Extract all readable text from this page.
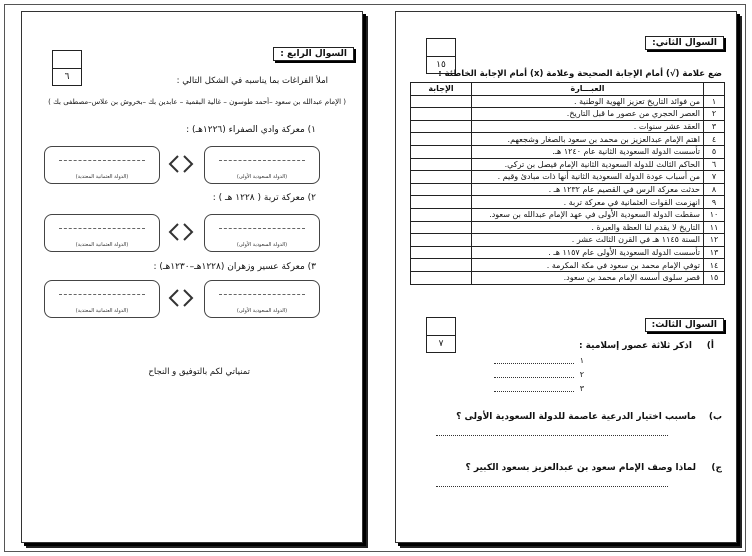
السوال الثاني:
١٥
ضع علامة (√) أمام الإجابة الصحيحة وعلامة (x) أمام الإجابة الخاطئة :
	العبـــارة	الإجابة
١	من فوائد التاريخ تعزيز الهوية الوطنية .	
٢	العصر الحجري من عصور ما قبل التاريخ.	
٣	العقد عشر سنوات .	
٤	اهتم الإمام عبدالعزيز بن محمد بن سعود بالصغار وشجعهم.	
٥	تأسست الدولة السعودية الثانية عام ١٢٤٠ هـ.	
٦	الحاكم الثالث للدولة السعودية الثانية الإمام فيصل بن تركي.	
٧	من أسباب عودة الدولة السعودية الثانية أنها ذات مبادئ وقيم .	
٨	حدثت معركة الرس في القصيم عام ١٢٣٢ هـ .	
٩	انهزمت القوات العثمانية في معركة تربة .	
١٠	سقطت الدولة السعودية الأولى في عهد الإمام عبدالله بن سعود.	
١١	التاريخ لا يقدم لنا العظة والعبرة .	
١٢	السنة ١١٤٥ هـ في القرن الثالث عشر .	
١٣	تأسست الدولة السعودية الأولى عام ١١٥٧ هـ .	
١٤	توفي الإمام محمد بن سعود في مكة المكرمة .	
١٥	قصر سلوى أسسه الإمام محمد بن سعود.	
السوال الثالث:
٧	أ)
اذكر ثلاثة عصور إسلامية :
١
٢
٣
ب)
ماسبب اختيار الدرعية عاصمة للدولة السعودية الأولى ؟
ج)
لماذا وصف الإمام سعود بن عبدالعزيز بسعود الكبير ؟
السوال الرابع :
٦	املأ الفراغات بما يناسبه في الشكل التالي :
( الإمام عبدالله بن سعود –أحمد طوسون – غالية البقمية – عابدين بك –بخروش بن علاس–مصطفى بك )
١) معركة وادي الصفراء (١٢٢٦هـ) :
(الدولة العثمانية المعتدية)	(الدولة السعودية الأولى)
٢) معركة تربة ( ١٢٢٨ هـ ) :
(الدولة العثمانية المعتدية)	(الدولة السعودية الأولى)
٣) معركة عسير وزهران (١٢٢٨هـ–١٢٣٠هـ) :
(الدولة العثمانية المعتدية)	(الدولة السعودية الأولى)
تمنياتي لكم بالتوفيق و النجاح
